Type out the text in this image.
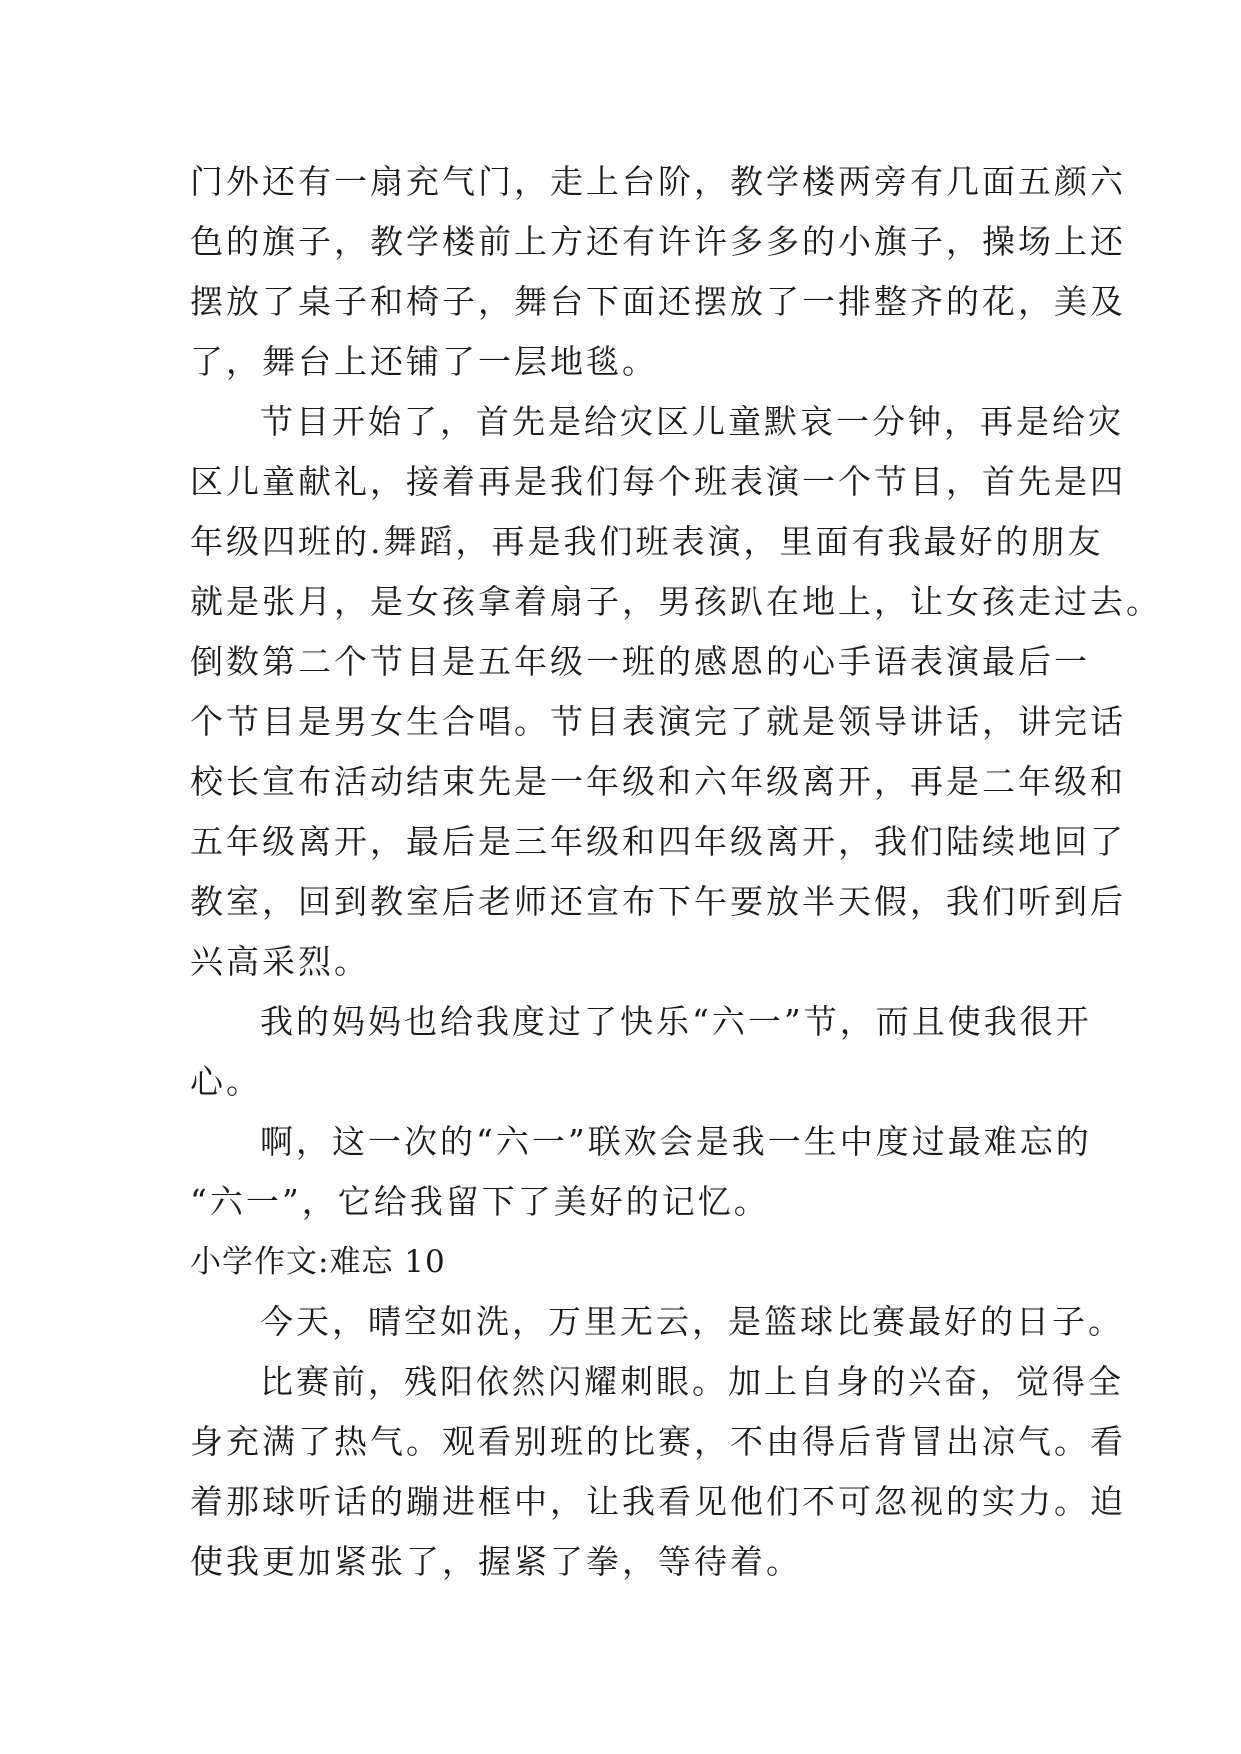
门外还有一扇充气门，走上台阶，教学楼两旁有几面五颜六
色的旗子，教学楼前上方还有许许多多的小旗子，操场上还
摆放了桌子和椅子，舞台下面还摆放了一排整齐的花，美及
了，舞台上还铺了一层地毯。
节目开始了，首先是给灾区儿童默哀一分钟，再是给灾
区儿童献礼，接着再是我们每个班表演一个节目，首先是四
年级四班的.舞蹈，再是我们班表演，里面有我最好的朋友
就是张月，是女孩拿着扇子，男孩趴在地上，让女孩走过去。
倒数第二个节目是五年级一班的感恩的心手语表演最后一
个节目是男女生合唱。节目表演完了就是领导讲话，讲完话
校长宣布活动结束先是一年级和六年级离开，再是二年级和
五年级离开，最后是三年级和四年级离开，我们陆续地回了
教室，回到教室后老师还宣布下午要放半天假，我们听到后
兴高采烈。
我的妈妈也给我度过了快乐“六一”节，而且使我很开
心。
啊，这一次的“六一”联欢会是我一生中度过最难忘的
“六一”，它给我留下了美好的记忆。
小学作文:难忘 10
今天，晴空如洗，万里无云，是篮球比赛最好的日子。
比赛前，残阳依然闪耀刺眼。加上自身的兴奋，觉得全
身充满了热气。观看别班的比赛，不由得后背冒出凉气。看
着那球听话的蹦进框中，让我看见他们不可忽视的实力。迫
使我更加紧张了，握紧了拳，等待着。
